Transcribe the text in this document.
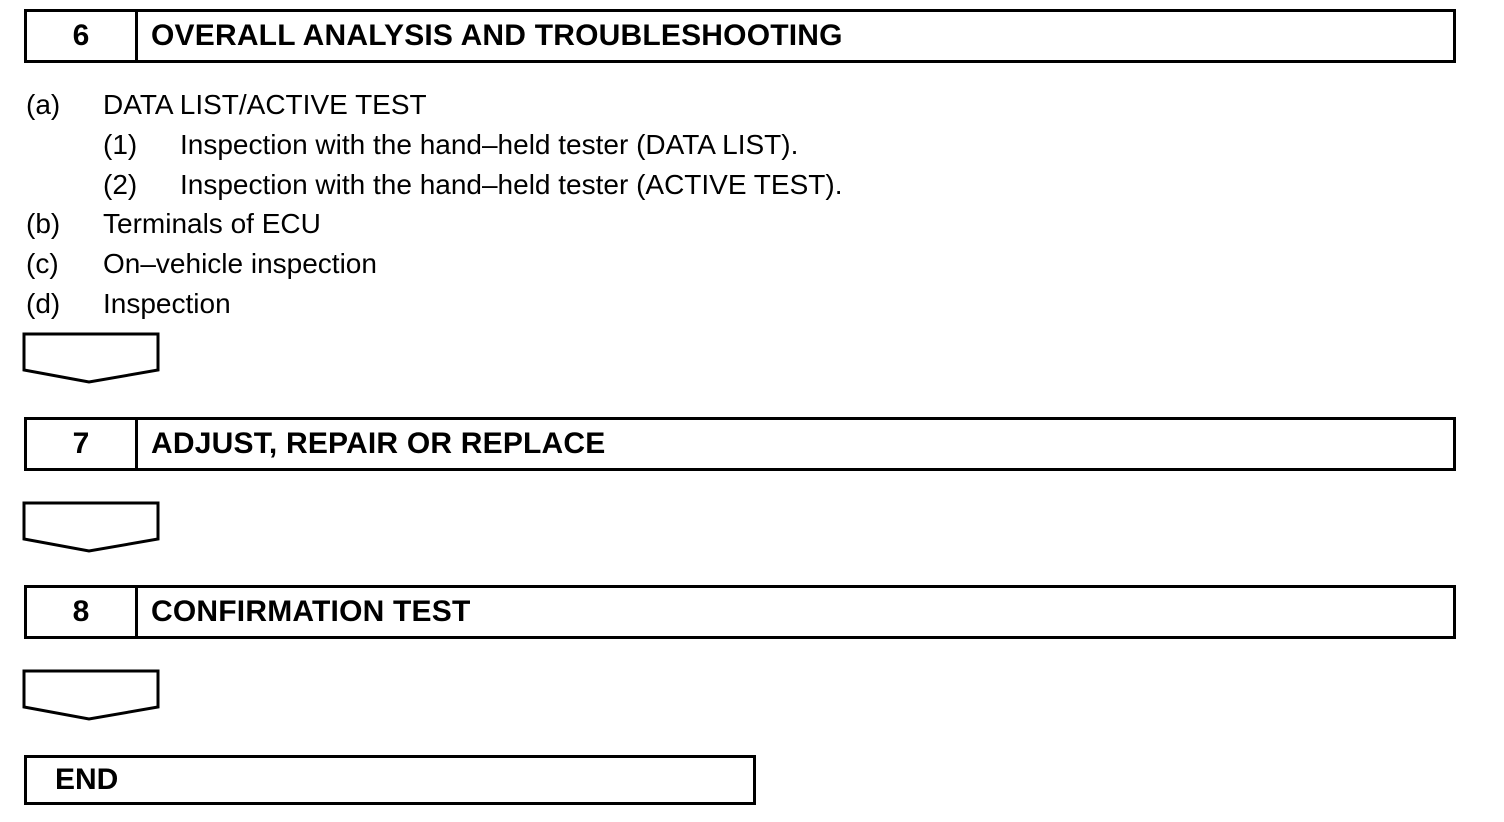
6	OVERALL ANALYSIS AND TROUBLESHOOTING
(a) DATA LIST/ACTIVE TEST
(1) Inspection with the hand–held tester (DATA LIST).
(2) Inspection with the hand–held tester (ACTIVE TEST).
(b) Terminals of ECU
(c) On–vehicle inspection
(d) Inspection
7	ADJUST, REPAIR OR REPLACE
8	CONFIRMATION TEST
END
